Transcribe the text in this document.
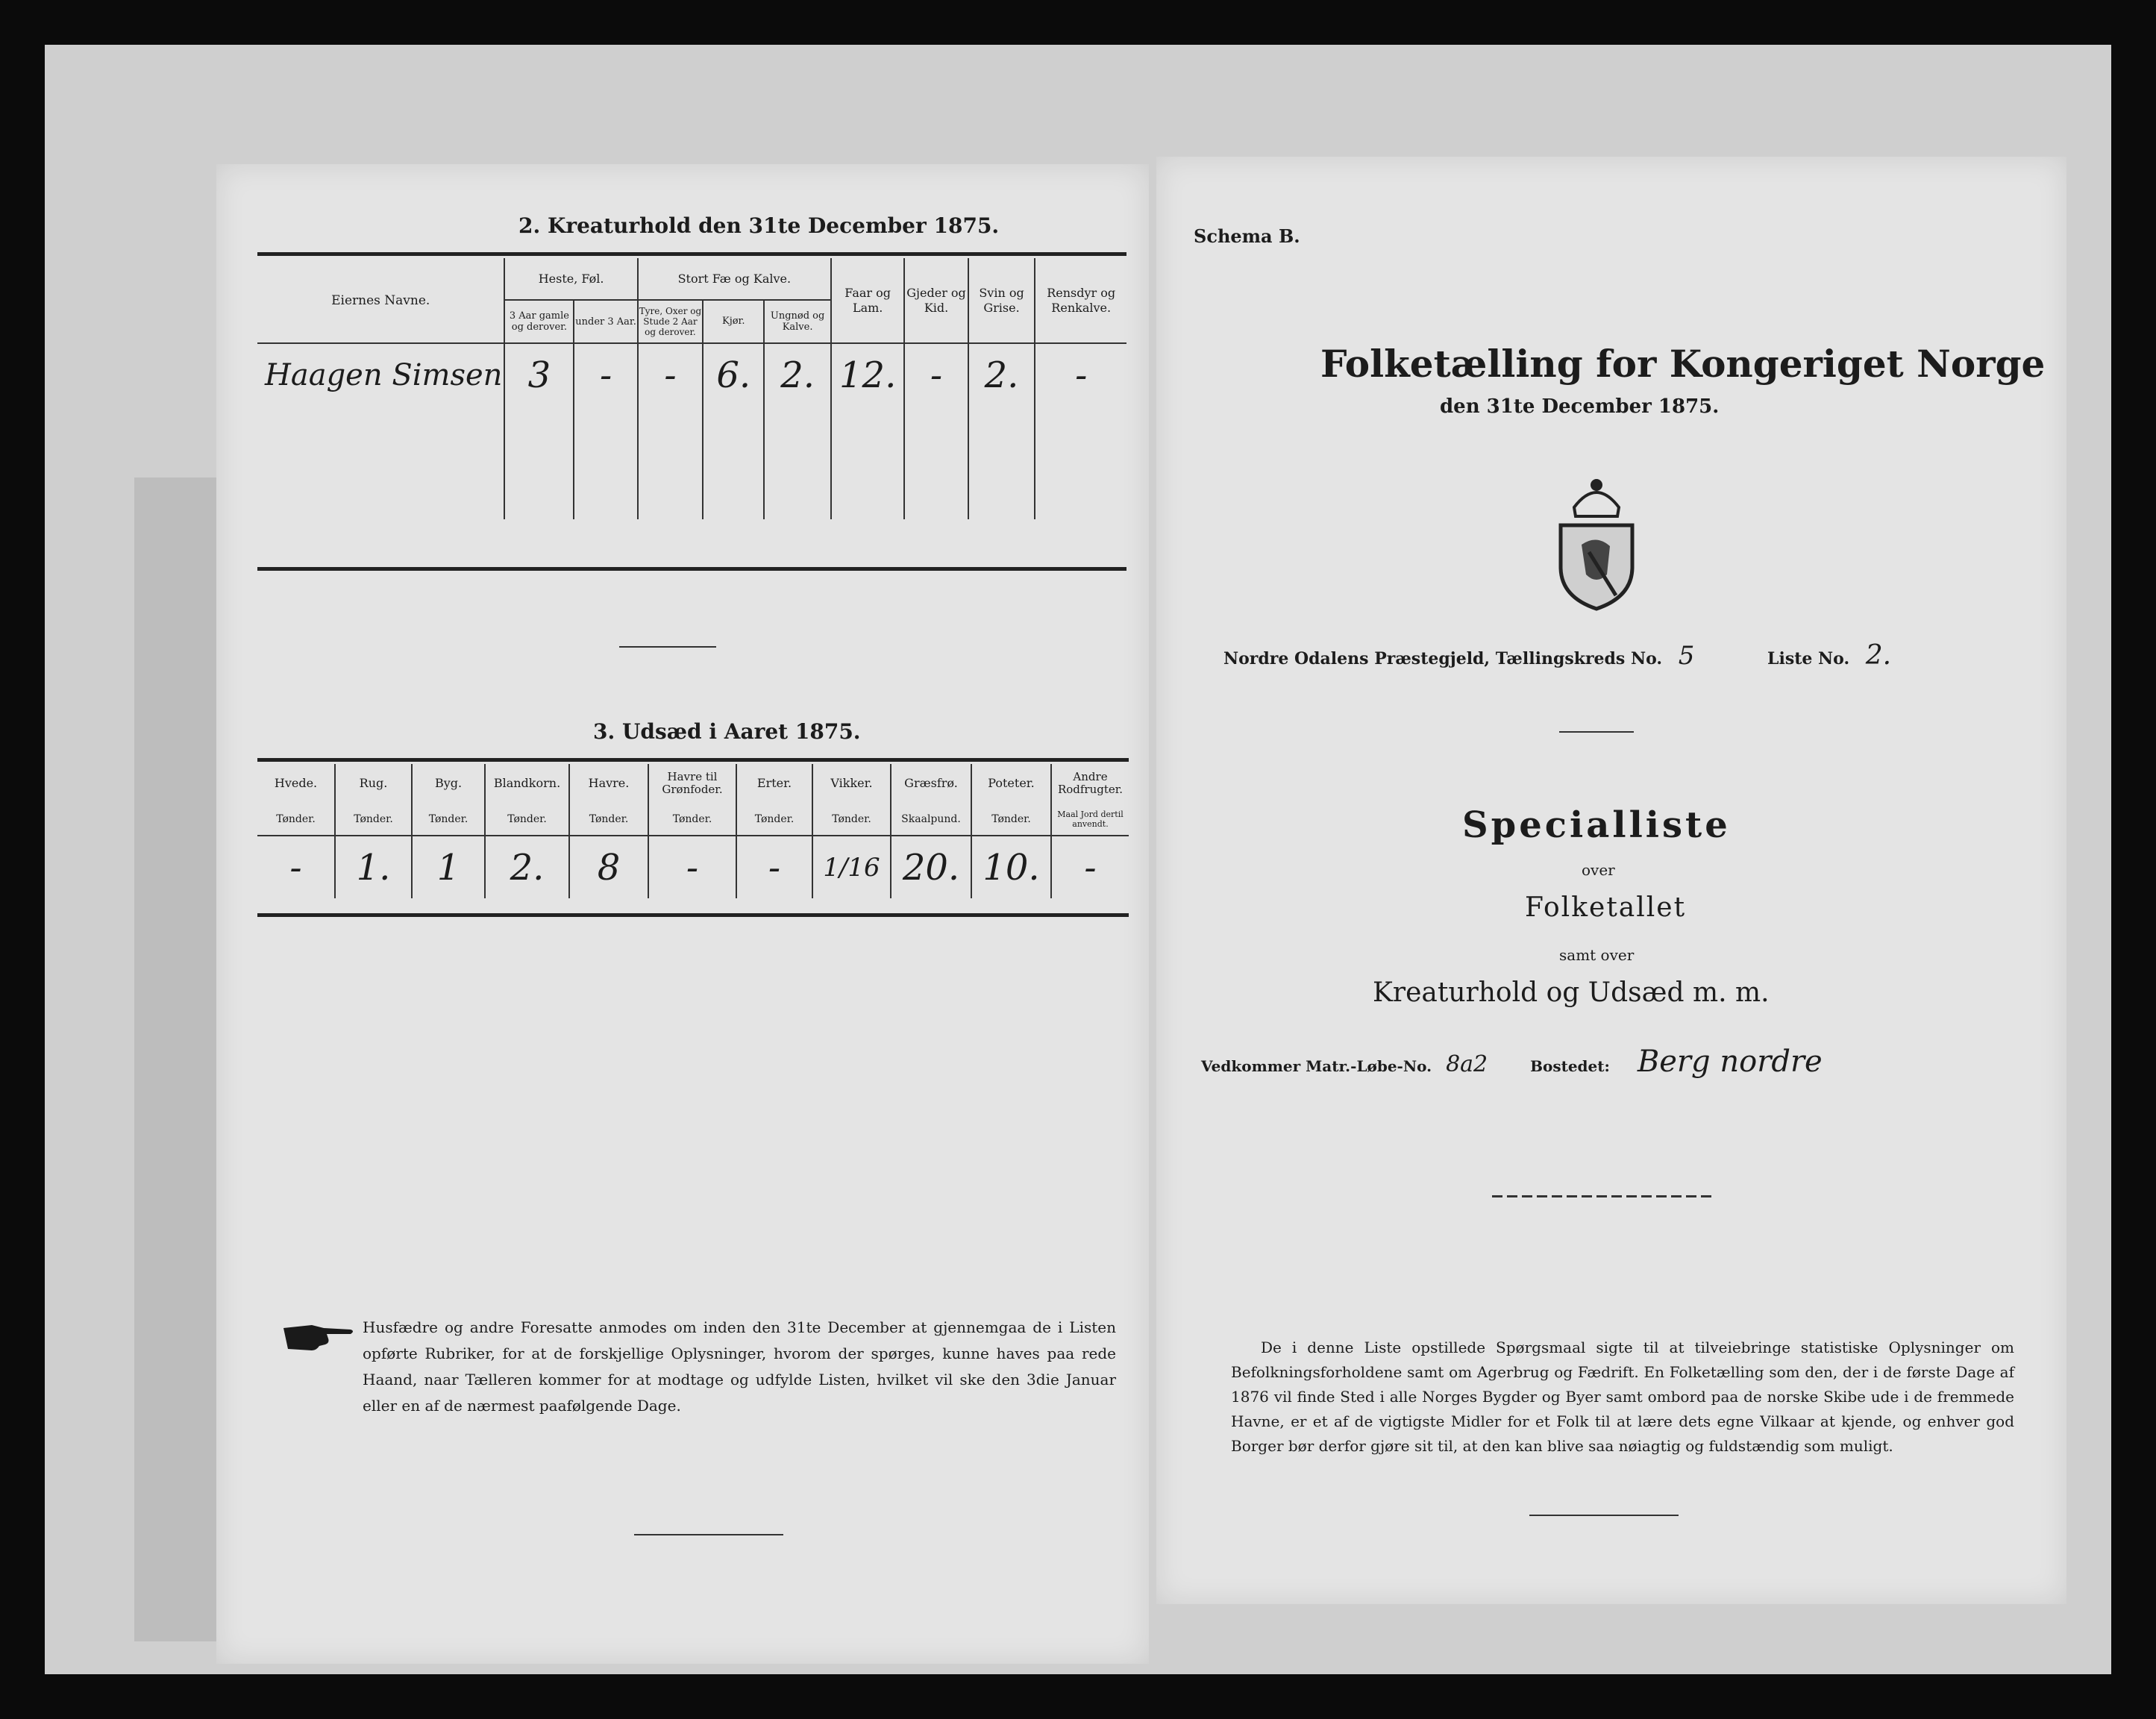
2. Kreaturhold den 31te December 1875.
Eiernes Navne.	Heste, Føl.		Stort Fæ og Kalve.			Faar og Lam.	Gjeder og Kid.	Svin og Grise.	Rensdyr og Renkalve.
	3 Aar gamle og derover.	under 3 Aar.	Tyre, Oxer og Stude 2 Aar og derover.	Kjør.	Ungnød og Kalve.				
Haagen Simsen	3	-	-	6.	2.	12.	-	2.	-

3. Udsæd i Aaret 1875.
Hvede.	Rug.	Byg.	Blandkorn.	Havre.	Havre til Grønfoder.	Erter.	Vikker.	Græsfrø.	Poteter.	Andre Rodfrugter.
Tønder.	Tønder.	Tønder.	Tønder.	Tønder.	Tønder.	Tønder.	Tønder.	Skaalpund.	Tønder.	Maal Jord dertil anvendt.
-	1.	1	2.	8	-	-	1/16	20.	10.	-
Husfædre og andre Foresatte anmodes om inden den 31te December at gjennemgaa de i Listen opførte Rubriker, for at de forskjellige Oplysninger, hvorom der spørges, kunne haves paa rede Haand, naar Tælleren kommer for at modtage og udfylde Listen, hvilket vil ske den 3die Januar eller en af de nærmest paafølgende Dage.
Schema B.
Folketælling for Kongeriget Norge
den 31te December 1875.
Nordre Odalens Præstegjeld, Tællingskreds No. 5	Liste No. 2.
Specialliste
over
Folketallet
samt over
Kreaturhold og Udsæd m. m.
Vedkommer Matr.-Løbe-No. 8a2	Bostedet: Berg nordre
De i denne Liste opstillede Spørgsmaal sigte til at tilveiebringe statistiske Oplysninger om Befolkningsforholdene samt om Agerbrug og Fædrift. En Folketælling som den, der i de første Dage af 1876 vil finde Sted i alle Norges Bygder og Byer samt ombord paa de norske Skibe ude i de fremmede Havne, er et af de vigtigste Midler for et Folk til at lære dets egne Vilkaar at kjende, og enhver god Borger bør derfor gjøre sit til, at den kan blive saa nøiagtig og fuldstændig som muligt.
